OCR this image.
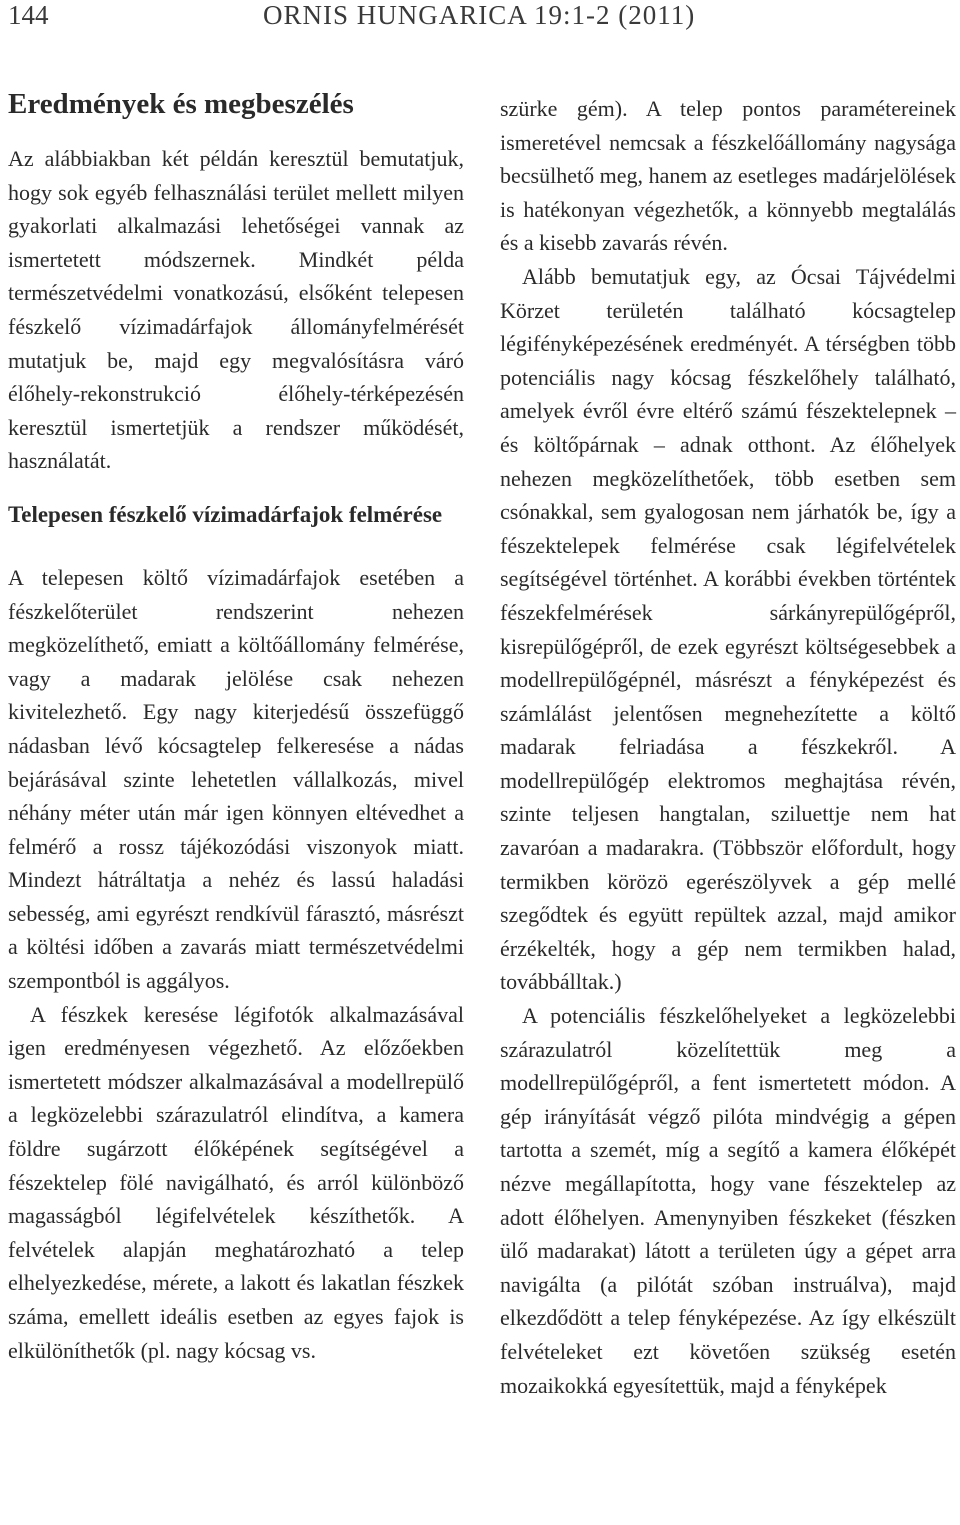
144	ORNIS HUNGARICA 19:1-2 (2011)
Eredmények és megbeszélés

Az alábbiakban két példán keresztül bemutatjuk, hogy sok egyéb felhasználási terület mellett milyen gyakorlati alkalmazási lehetőségei vannak az ismertetett módszernek. Mindkét példa természetvédelmi vonatkozású, elsőként telepesen fészkelő vízimadárfajok állományfelmérését mutatjuk be, majd egy megvalósításra váró élőhely-rekonstrukció élőhely-térképezésén keresztül ismertetjük a rendszer működését, használatát.

Telepesen fészkelő vízimadárfajok felmérése

A telepesen költő vízimadárfajok esetében a fészkelőterület rendszerint nehezen megközelíthető, emiatt a költőállomány felmérése, vagy a madarak jelölése csak nehezen kivitelezhető. Egy nagy kiterjedésű összefüggő nádasban lévő kócsagtelep felkeresése a nádas bejárásával szinte lehetetlen vállalkozás, mivel néhány méter után már igen könnyen eltévedhet a felmérő a rossz tájékozódási viszonyok miatt. Mindezt hátráltatja a nehéz és lassú haladási sebesség, ami egyrészt rendkívül fárasztó, másrészt a költési időben a zavarás miatt természetvédelmi szempontból is aggályos.

A fészkek keresése légifotók alkalmazásával igen eredményesen végezhető. Az előzőekben ismertetett módszer alkalmazásával a modellrepülő a legközelebbi szárazulatról elindítva, a kamera földre sugárzott élőképének segítségével a fészektelep fölé navigálható, és arról különböző magasságból légifelvételek készíthetők. A felvételek alapján meghatározható a telep elhelyezkedése, mérete, a lakott és lakatlan fészkek száma, emellett ideális esetben az egyes fajok is elkülöníthetők (pl. nagy kócsag vs.

szürke gém). A telep pontos paramétereinek ismeretével nemcsak a fészkelőállomány nagysága becsülhető meg, hanem az esetleges madárjelölések is hatékonyan végezhetők, a könnyebb megtalálás és a kisebb zavarás révén.

Alább bemutatjuk egy, az Ócsai Tájvédelmi Körzet területén található kócsagtelep légifényképezésének eredményét. A térségben több potenciális nagy kócsag fészkelőhely található, amelyek évről évre eltérő számú fészektelepnek – és költőpárnak – adnak otthont. Az élőhelyek nehezen megközelíthetőek, több esetben sem csónakkal, sem gyalogosan nem járhatók be, így a fészektelepek felmérése csak légifelvételek segítségével történhet. A korábbi években történtek fészekfelmérések sárkányrepülőgépről, kisrepülőgépről, de ezek egyrészt költségesebbek a modellrepülőgépnél, másrészt a fényképezést és számlálást jelentősen megnehezítette a költő madarak felriadása a fészkekről. A modellrepülőgép elektromos meghajtása révén, szinte teljesen hangtalan, sziluettje nem hat zavaróan a madarakra. (Többször előfordult, hogy termikben körözö egerészölyvek a gép mellé szegődtek és együtt repültek azzal, majd amikor érzékelték, hogy a gép nem termikben halad, továbbálltak.)

A potenciális fészkelőhelyeket a legközelebbi szárazulatról közelítettük meg a modellrepülőgépről, a fent ismertetett módon. A gép irányítását végző pilóta mindvégig a gépen tartotta a szemét, míg a segítő a kamera élőképét nézve megállapította, hogy vane fészektelep az adott élőhelyen. Amenynyiben fészkeket (fészken ülő madarakat) látott a területen úgy a gépet arra navigálta (a pilótát szóban instruálva), majd elkezdődött a telep fényképezése. Az így elkészült felvételeket ezt követően szükség esetén mozaikokká egyesítettük, majd a fényképek
